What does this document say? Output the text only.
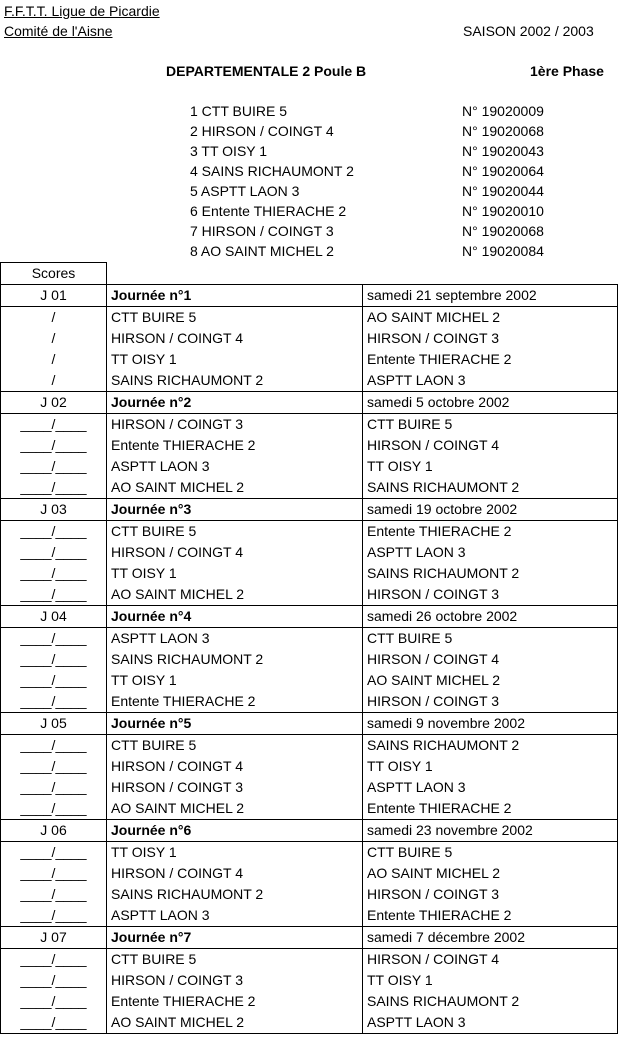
F.F.T.T. Ligue de Picardie
Comité de l'Aisne	SAISON 2002 / 2003
DEPARTEMENTALE 2 Poule B	1ère Phase
1 CTT BUIRE 5	N° 19020009
2 HIRSON / COINGT 4	N° 19020068
3 TT OISY 1	N° 19020043
4 SAINS RICHAUMONT 2	N° 19020064
5 ASPTT LAON 3	N° 19020044
6 Entente THIERACHE 2	N° 19020010
7 HIRSON / COINGT 3	N° 19020068
8 AO SAINT MICHEL 2	N° 19020084
Scores		
J 01	Journée n°1	samedi 21 septembre 2002
/	CTT BUIRE 5	AO SAINT MICHEL 2
/	HIRSON / COINGT 4	HIRSON / COINGT 3
/	TT OISY 1	Entente THIERACHE 2
/	SAINS RICHAUMONT 2	ASPTT LAON 3
J 02	Journée n°2	samedi 5 octobre 2002
____/____	HIRSON / COINGT 3	CTT BUIRE 5
____/____	Entente THIERACHE 2	HIRSON / COINGT 4
____/____	ASPTT LAON 3	TT OISY 1
____/____	AO SAINT MICHEL 2	SAINS RICHAUMONT 2
J 03	Journée n°3	samedi 19 octobre 2002
____/____	CTT BUIRE 5	Entente THIERACHE 2
____/____	HIRSON / COINGT 4	ASPTT LAON 3
____/____	TT OISY 1	SAINS RICHAUMONT 2
____/____	AO SAINT MICHEL 2	HIRSON / COINGT 3
J 04	Journée n°4	samedi 26 octobre 2002
____/____	ASPTT LAON 3	CTT BUIRE 5
____/____	SAINS RICHAUMONT 2	HIRSON / COINGT 4
____/____	TT OISY 1	AO SAINT MICHEL 2
____/____	Entente THIERACHE 2	HIRSON / COINGT 3
J 05	Journée n°5	samedi 9 novembre 2002
____/____	CTT BUIRE 5	SAINS RICHAUMONT 2
____/____	HIRSON / COINGT 4	TT OISY 1
____/____	HIRSON / COINGT 3	ASPTT LAON 3
____/____	AO SAINT MICHEL 2	Entente THIERACHE 2
J 06	Journée n°6	samedi 23 novembre 2002
____/____	TT OISY 1	CTT BUIRE 5
____/____	HIRSON / COINGT 4	AO SAINT MICHEL 2
____/____	SAINS RICHAUMONT 2	HIRSON / COINGT 3
____/____	ASPTT LAON 3	Entente THIERACHE 2
J 07	Journée n°7	samedi 7 décembre 2002
____/____	CTT BUIRE 5	HIRSON / COINGT 4
____/____	HIRSON / COINGT 3	TT OISY 1
____/____	Entente THIERACHE 2	SAINS RICHAUMONT 2
____/____	AO SAINT MICHEL 2	ASPTT LAON 3
